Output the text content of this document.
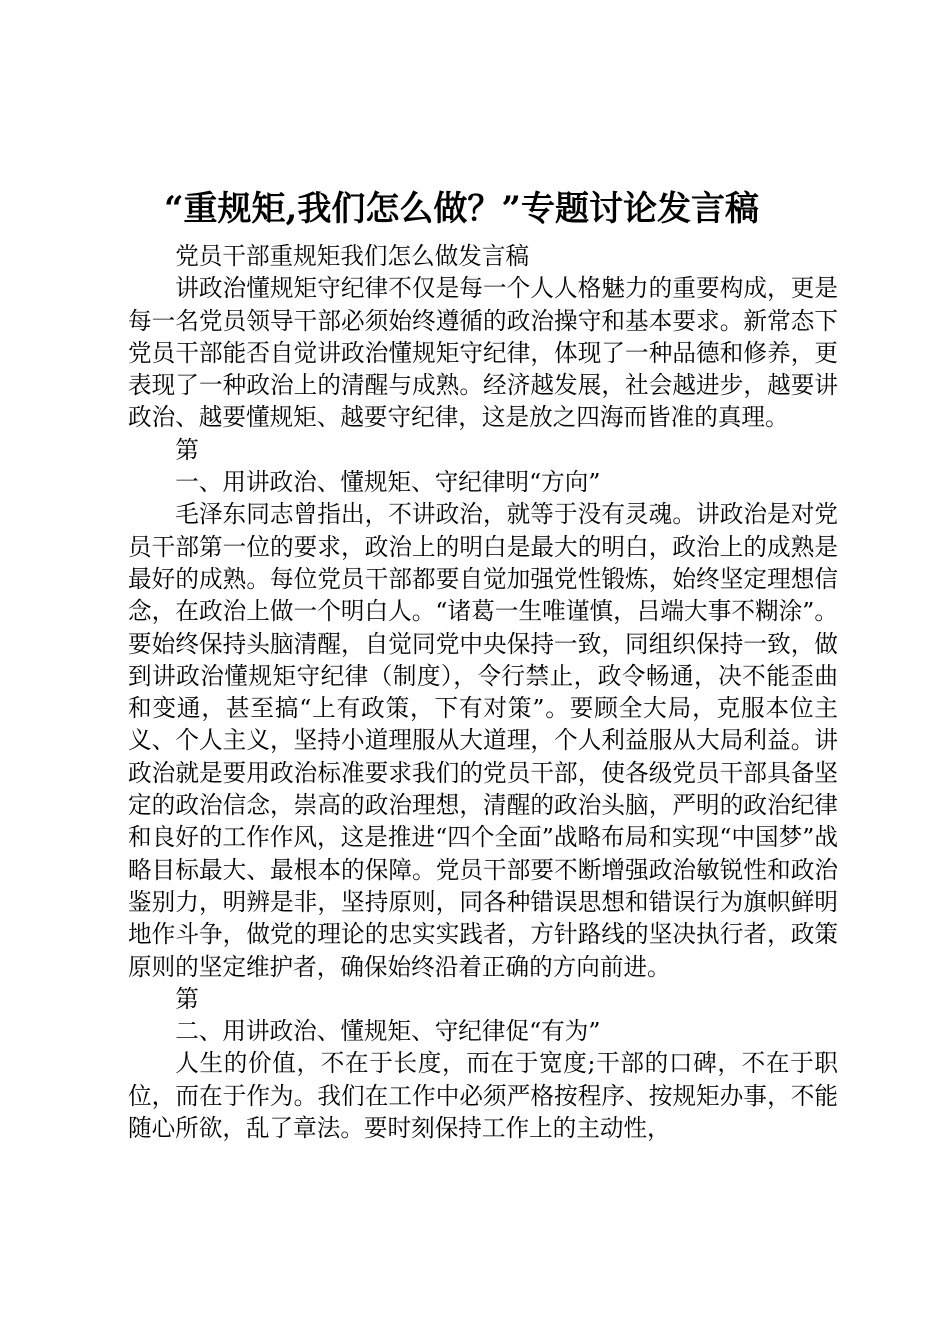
“重规矩,我们怎么做？”专题讨论发言稿

党员干部重规矩我们怎么做发言稿

讲政治懂规矩守纪律不仅是每一个人人格魅力的重要构成，更是每一名党员领导干部必须始终遵循的政治操守和基本要求。新常态下党员干部能否自觉讲政治懂规矩守纪律，体现了一种品德和修养，更表现了一种政治上的清醒与成熟。经济越发展，社会越进步，越要讲政治、越要懂规矩、越要守纪律，这是放之四海而皆准的真理。

第

一、用讲政治、懂规矩、守纪律明“方向”

毛泽东同志曾指出，不讲政治，就等于没有灵魂。讲政治是对党员干部第一位的要求，政治上的明白是最大的明白，政治上的成熟是最好的成熟。每位党员干部都要自觉加强党性锻炼，始终坚定理想信念，在政治上做一个明白人。“诸葛一生唯谨慎，吕端大事不糊涂”。要始终保持头脑清醒，自觉同党中央保持一致，同组织保持一致，做到讲政治懂规矩守纪律（制度），令行禁止，政令畅通，决不能歪曲和变通，甚至搞“上有政策，下有对策”。要顾全大局，克服本位主义、个人主义，坚持小道理服从大道理，个人利益服从大局利益。讲政治就是要用政治标准要求我们的党员干部，使各级党员干部具备坚定的政治信念，崇高的政治理想，清醒的政治头脑，严明的政治纪律和良好的工作作风，这是推进“四个全面”战略布局和实现“中国梦”战略目标最大、最根本的保障。党员干部要不断增强政治敏锐性和政治鉴别力，明辨是非，坚持原则，同各种错误思想和错误行为旗帜鲜明地作斗争，做党的理论的忠实实践者，方针路线的坚决执行者，政策原则的坚定维护者，确保始终沿着正确的方向前进。

第

二、用讲政治、懂规矩、守纪律促“有为”

人生的价值，不在于长度，而在于宽度;干部的口碑，不在于职位，而在于作为。我们在工作中必须严格按程序、按规矩办事，不能随心所欲，乱了章法。要时刻保持工作上的主动性，
